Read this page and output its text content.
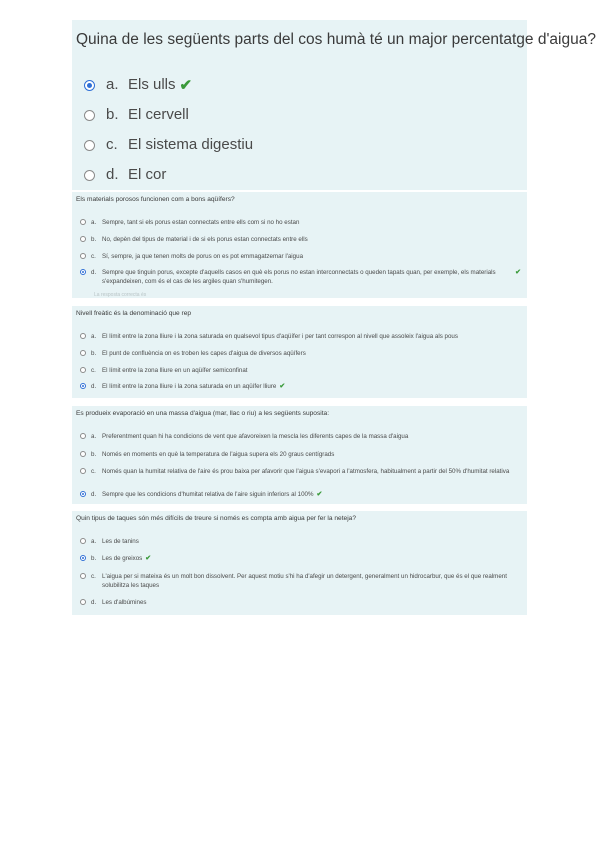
Quina de les següents parts del cos humà té un major percentatge d'aigua?
a. Els ulls ✔
b. El cervell
c. El sistema digestiu
d. El cor
Els materials porosos funcionen com a bons aqüífers?
a. Sempre, tant si els porus estan connectats entre ells com si no ho estan
b. No, depèn del tipus de material i de si els porus estan connectats entre ells
c. Sí, sempre, ja que tenen molts de porus on es pot emmagatzemar l'aigua
d. Sempre que tinguin porus, excepte d'aquells casos en què els porus no estan interconnectats o queden tapats quan, per exemple, els materials s'expandeixen, com és el cas de les argiles quan s'humitegen.
✔
La resposta correcta és
Nivell freàtic és la denominació que rep
a. El límit entre la zona lliure i la zona saturada en qualsevol tipus d'aqüífer i per tant correspon al nivell que assoleix l'aigua als pous
b. El punt de confluència on es troben les capes d'aigua de diversos aqüífers
c. El límit entre la zona lliure en un aqüífer semiconfinat
d. El límit entre la zona lliure i la zona saturada en un aqüífer lliure ✔
Es produeix evaporació en una massa d'aigua (mar, llac o riu) a les següents suposita:
a. Preferentment quan hi ha condicions de vent que afavoreixen la mescla les diferents capes de la massa d'aigua
b. Només en moments en què la temperatura de l'aigua supera els 20 graus centígrads
c. Només quan la humitat relativa de l'aire és prou baixa per afavorir que l'aigua s'evapori a l'atmosfera, habitualment a partir del 50% d'humitat relativa
d. Sempre que les condicions d'humitat relativa de l'aire siguin inferiors al 100% ✔
Quin tipus de taques són més difícils de treure si només es compta amb aigua per fer la neteja?
a. Les de tanins
b. Les de greixos ✔
c. L'aigua per si mateixa és un molt bon dissolvent. Per aquest motiu s'hi ha d'afegir un detergent, generalment un hidrocarbur, que és el que realment solubilitza les taques
d. Les d'albúmines
